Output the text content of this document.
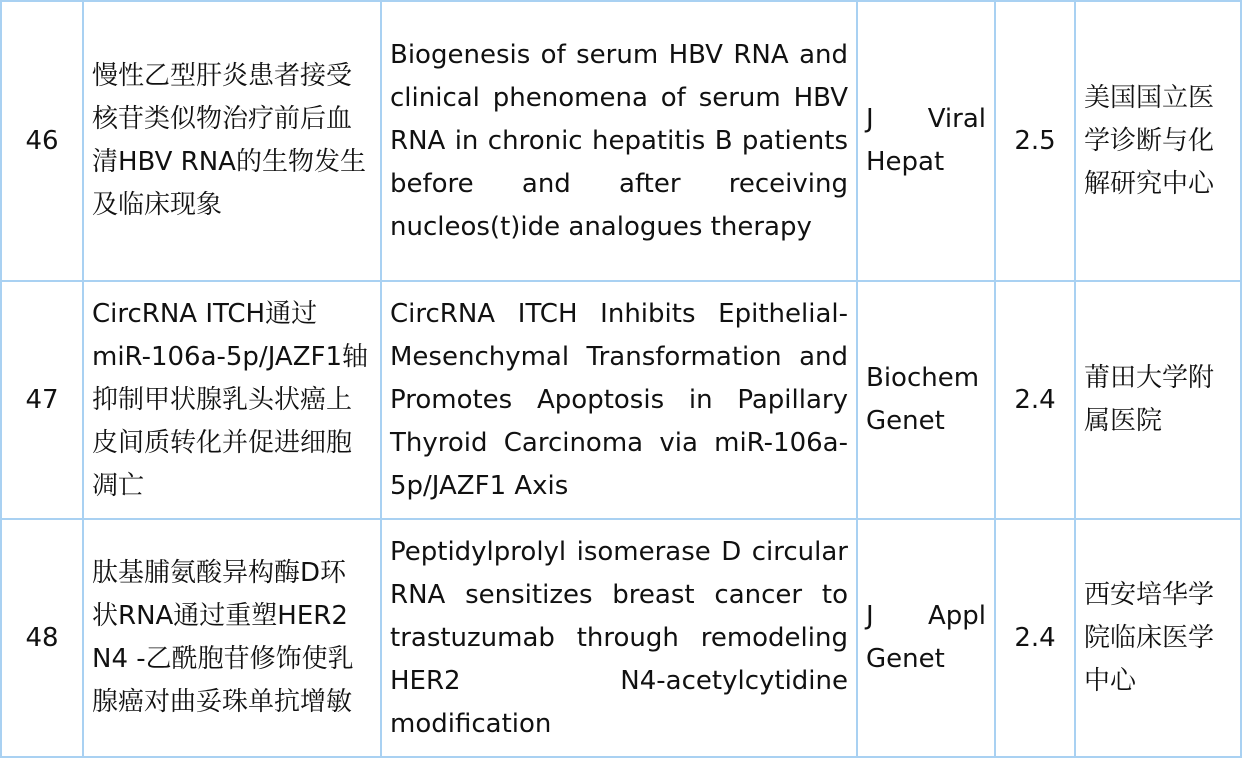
46	慢性乙型肝炎患者接受核苷类似物治疗前后血清HBV RNA的生物发生及临床现象	Biogenesis of serum HBV RNA and clinical phenomena of serum HBV RNA in chronic hepatitis B patients before and after receiving nucleos(t)ide analogues therapy	J Viral Hepat	2.5	美国国立医学诊断与化解研究中心
47	CircRNA ITCH通过miR-106a-5p/JAZF1轴抑制甲状腺乳头状癌上皮间质转化并促进细胞凋亡	CircRNA ITCH Inhibits Epithelial-Mesenchymal Transformation and Promotes Apoptosis in Papillary Thyroid Carcinoma via miR-106a-5p/JAZF1 Axis	Biochem Genet	2.4	莆田大学附属医院
48	肽基脯氨酸异构酶D环状RNA通过重塑HER2 N4 -乙酰胞苷修饰使乳腺癌对曲妥珠单抗增敏	Peptidylprolyl isomerase D circular RNA sensitizes breast cancer to trastuzumab through remodeling HER2 N4-acetylcytidine modification	J Appl Genet	2.4	西安培华学院临床医学中心
